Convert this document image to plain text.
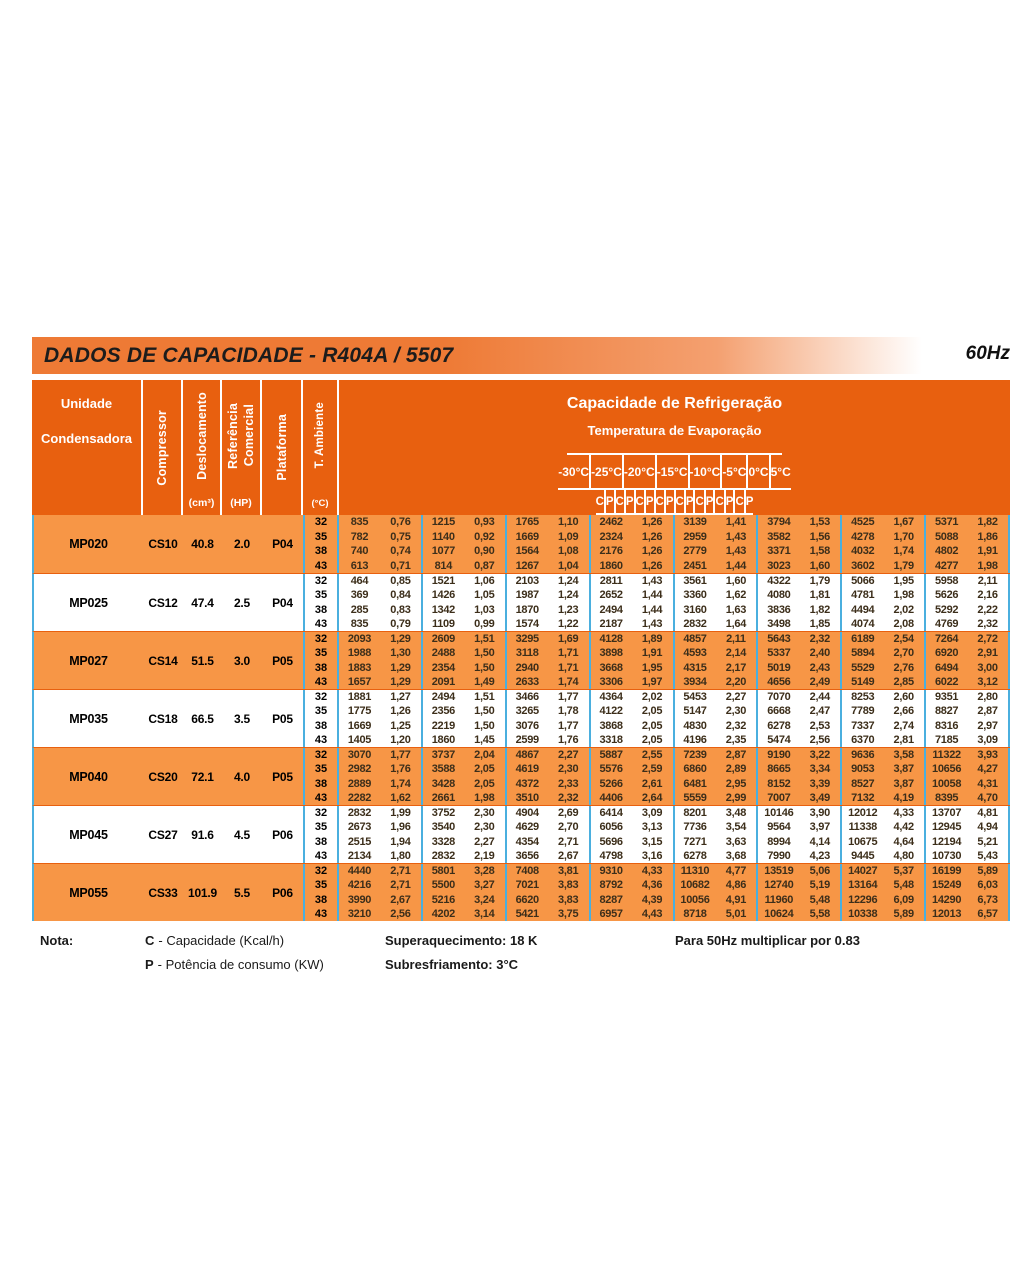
DADOS DE CAPACIDADE - R404A / 5507	60Hz
Unidade
Condensadora Compressor Deslocamento
(cm³)
Referência Comercial
(HP)
Plataforma T. Ambiente
(°C)
Capacidade de Refrigeração
Temperatura de Evaporação
-30°C -25°C -20°C -15°C -10°C -5°C 0°C 5°C
C P C P C P C P C P C P C P C P
MP020	CS10	40.8	2.0	P04
32	835	0,76	1215	0,93	1765	1,10	2462	1,26	3139	1,41	3794	1,53	4525	1,67	5371	1,82
35	782	0,75	1140	0,92	1669	1,09	2324	1,26	2959	1,43	3582	1,56	4278	1,70	5088	1,86
38	740	0,74	1077	0,90	1564	1,08	2176	1,26	2779	1,43	3371	1,58	4032	1,74	4802	1,91
43	613	0,71	814	0,87	1267	1,04	1860	1,26	2451	1,44	3023	1,60	3602	1,79	4277	1,98
MP025	CS12	47.4	2.5	P04
32	464	0,85	1521	1,06	2103	1,24	2811	1,43	3561	1,60	4322	1,79	5066	1,95	5958	2,11
35	369	0,84	1426	1,05	1987	1,24	2652	1,44	3360	1,62	4080	1,81	4781	1,98	5626	2,16
38	285	0,83	1342	1,03	1870	1,23	2494	1,44	3160	1,63	3836	1,82	4494	2,02	5292	2,22
43	835	0,79	1109	0,99	1574	1,22	2187	1,43	2832	1,64	3498	1,85	4074	2,08	4769	2,32
MP027	CS14	51.5	3.0	P05
32	2093	1,29	2609	1,51	3295	1,69	4128	1,89	4857	2,11	5643	2,32	6189	2,54	7264	2,72
35	1988	1,30	2488	1,50	3118	1,71	3898	1,91	4593	2,14	5337	2,40	5894	2,70	6920	2,91
38	1883	1,29	2354	1,50	2940	1,71	3668	1,95	4315	2,17	5019	2,43	5529	2,76	6494	3,00
43	1657	1,29	2091	1,49	2633	1,74	3306	1,97	3934	2,20	4656	2,49	5149	2,85	6022	3,12
MP035	CS18	66.5	3.5	P05
32	1881	1,27	2494	1,51	3466	1,77	4364	2,02	5453	2,27	7070	2,44	8253	2,60	9351	2,80
35	1775	1,26	2356	1,50	3265	1,78	4122	2,05	5147	2,30	6668	2,47	7789	2,66	8827	2,87
38	1669	1,25	2219	1,50	3076	1,77	3868	2,05	4830	2,32	6278	2,53	7337	2,74	8316	2,97
43	1405	1,20	1860	1,45	2599	1,76	3318	2,05	4196	2,35	5474	2,56	6370	2,81	7185	3,09
MP040	CS20	72.1	4.0	P05
32	3070	1,77	3737	2,04	4867	2,27	5887	2,55	7239	2,87	9190	3,22	9636	3,58	11322	3,93
35	2982	1,76	3588	2,05	4619	2,30	5576	2,59	6860	2,89	8665	3,34	9053	3,87	10656	4,27
38	2889	1,74	3428	2,05	4372	2,33	5266	2,61	6481	2,95	8152	3,39	8527	3,87	10058	4,31
43	2282	1,62	2661	1,98	3510	2,32	4406	2,64	5559	2,99	7007	3,49	7132	4,19	8395	4,70
MP045	CS27	91.6	4.5	P06
32	2832	1,99	3752	2,30	4904	2,69	6414	3,09	8201	3,48	10146	3,90	12012	4,33	13707	4,81
35	2673	1,96	3540	2,30	4629	2,70	6056	3,13	7736	3,54	9564	3,97	11338	4,42	12945	4,94
38	2515	1,94	3328	2,27	4354	2,71	5696	3,15	7271	3,63	8994	4,14	10675	4,64	12194	5,21
43	2134	1,80	2832	2,19	3656	2,67	4798	3,16	6278	3,68	7990	4,23	9445	4,80	10730	5,43
MP055	CS33 101.9	5.5	P06
32	4440	2,71	5801	3,28	7408	3,81	9310	4,33	11310	4,77	13519	5,06	14027	5,37	16199	5,89
35	4216	2,71	5500	3,27	7021	3,83	8792	4,36	10682	4,86	12740	5,19	13164	5,48	15249	6,03
38	3990	2,67	5216	3,24	6620	3,83	8287	4,39	10056	4,91	11960	5,48	12296	6,09	14290	6,73
43	3210	2,56	4202	3,14	5421	3,75	6957	4,43	8718	5,01	10624	5,58	10338	5,89	12013	6,57
Nota:	C - Capacidade (Kcal/h)	Superaquecimento: 18 K	Para 50Hz multiplicar por 0.83
P - Potência de consumo (KW)	Subresfriamento: 3°C
